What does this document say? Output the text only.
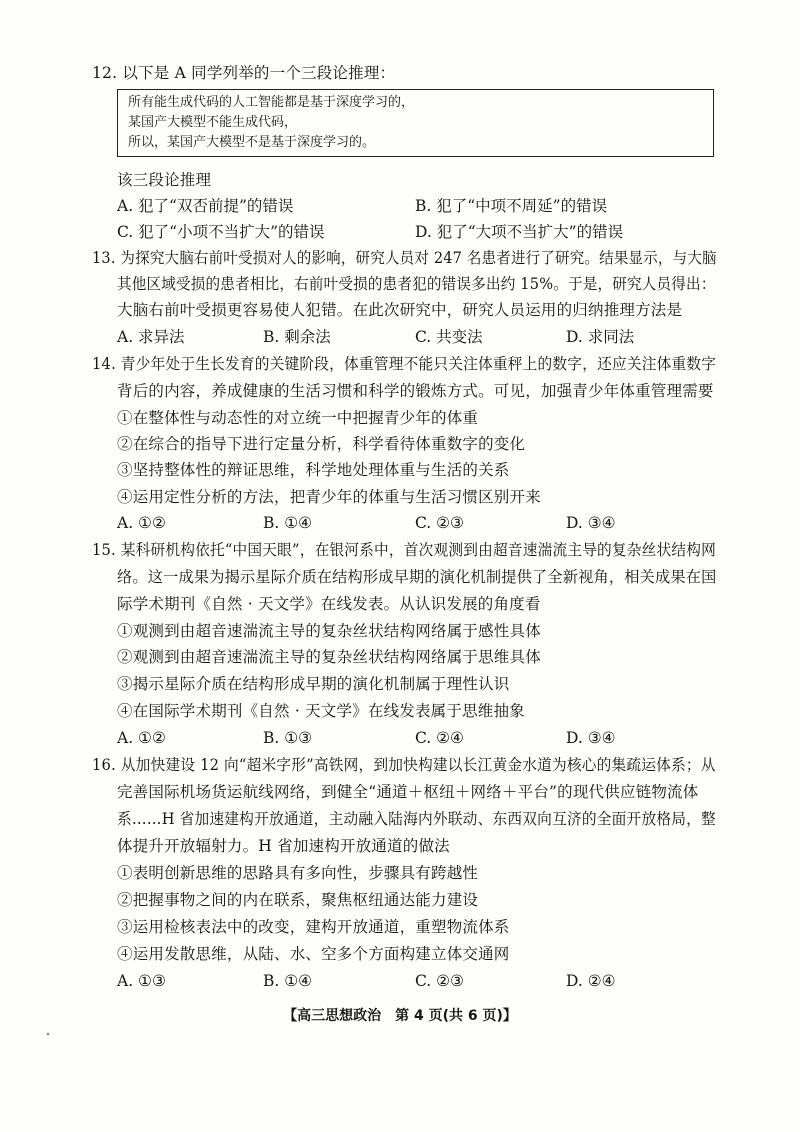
12. 以下是 A 同学列举的一个三段论推理：
所有能生成代码的人工智能都是基于深度学习的，
某国产大模型不能生成代码，
所以，某国产大模型不是基于深度学习的。
该三段论推理
A. 犯了“双否前提”的错误	B. 犯了“中项不周延”的错误
C. 犯了“小项不当扩大”的错误	D. 犯了“大项不当扩大”的错误
13. 为探究大脑右前叶受损对人的影响，研究人员对 247 名患者进行了研究。结果显示，与大脑
其他区域受损的患者相比，右前叶受损的患者犯的错误多出约 15%。于是，研究人员得出：
大脑右前叶受损更容易使人犯错。在此次研究中，研究人员运用的归纳推理方法是
A. 求异法	B. 剩余法	C. 共变法	D. 求同法
14. 青少年处于生长发育的关键阶段，体重管理不能只关注体重秤上的数字，还应关注体重数字
背后的内容，养成健康的生活习惯和科学的锻炼方式。可见，加强青少年体重管理需要
①在整体性与动态性的对立统一中把握青少年的体重
②在综合的指导下进行定量分析，科学看待体重数字的变化
③坚持整体性的辩证思维，科学地处理体重与生活的关系
④运用定性分析的方法，把青少年的体重与生活习惯区别开来
A. ①②	B. ①④	C. ②③	D. ③④
15. 某科研机构依托“中国天眼”，在银河系中，首次观测到由超音速湍流主导的复杂丝状结构网
络。这一成果为揭示星际介质在结构形成早期的演化机制提供了全新视角，相关成果在国
际学术期刊《自然 · 天文学》在线发表。从认识发展的角度看
①观测到由超音速湍流主导的复杂丝状结构网络属于感性具体
②观测到由超音速湍流主导的复杂丝状结构网络属于思维具体
③揭示星际介质在结构形成早期的演化机制属于理性认识
④在国际学术期刊《自然 · 天文学》在线发表属于思维抽象
A. ①②	B. ①③	C. ②④	D. ③④
16. 从加快建设 12 向“超米字形”高铁网，到加快构建以长江黄金水道为核心的集疏运体系；从
完善国际机场货运航线网络，到健全“通道＋枢纽＋网络＋平台”的现代供应链物流体
系……H 省加速建构开放通道，主动融入陆海内外联动、东西双向互济的全面开放格局，整
体提升开放辐射力。H 省加速构开放通道的做法
①表明创新思维的思路具有多向性，步骤具有跨越性
②把握事物之间的内在联系，聚焦枢纽通达能力建设
③运用检核表法中的改变，建构开放通道，重塑物流体系
④运用发散思维，从陆、水、空多个方面构建立体交通网
A. ①③	B. ①④	C. ②③	D. ②④
【高三思想政治　第 4 页(共 6 页)】
